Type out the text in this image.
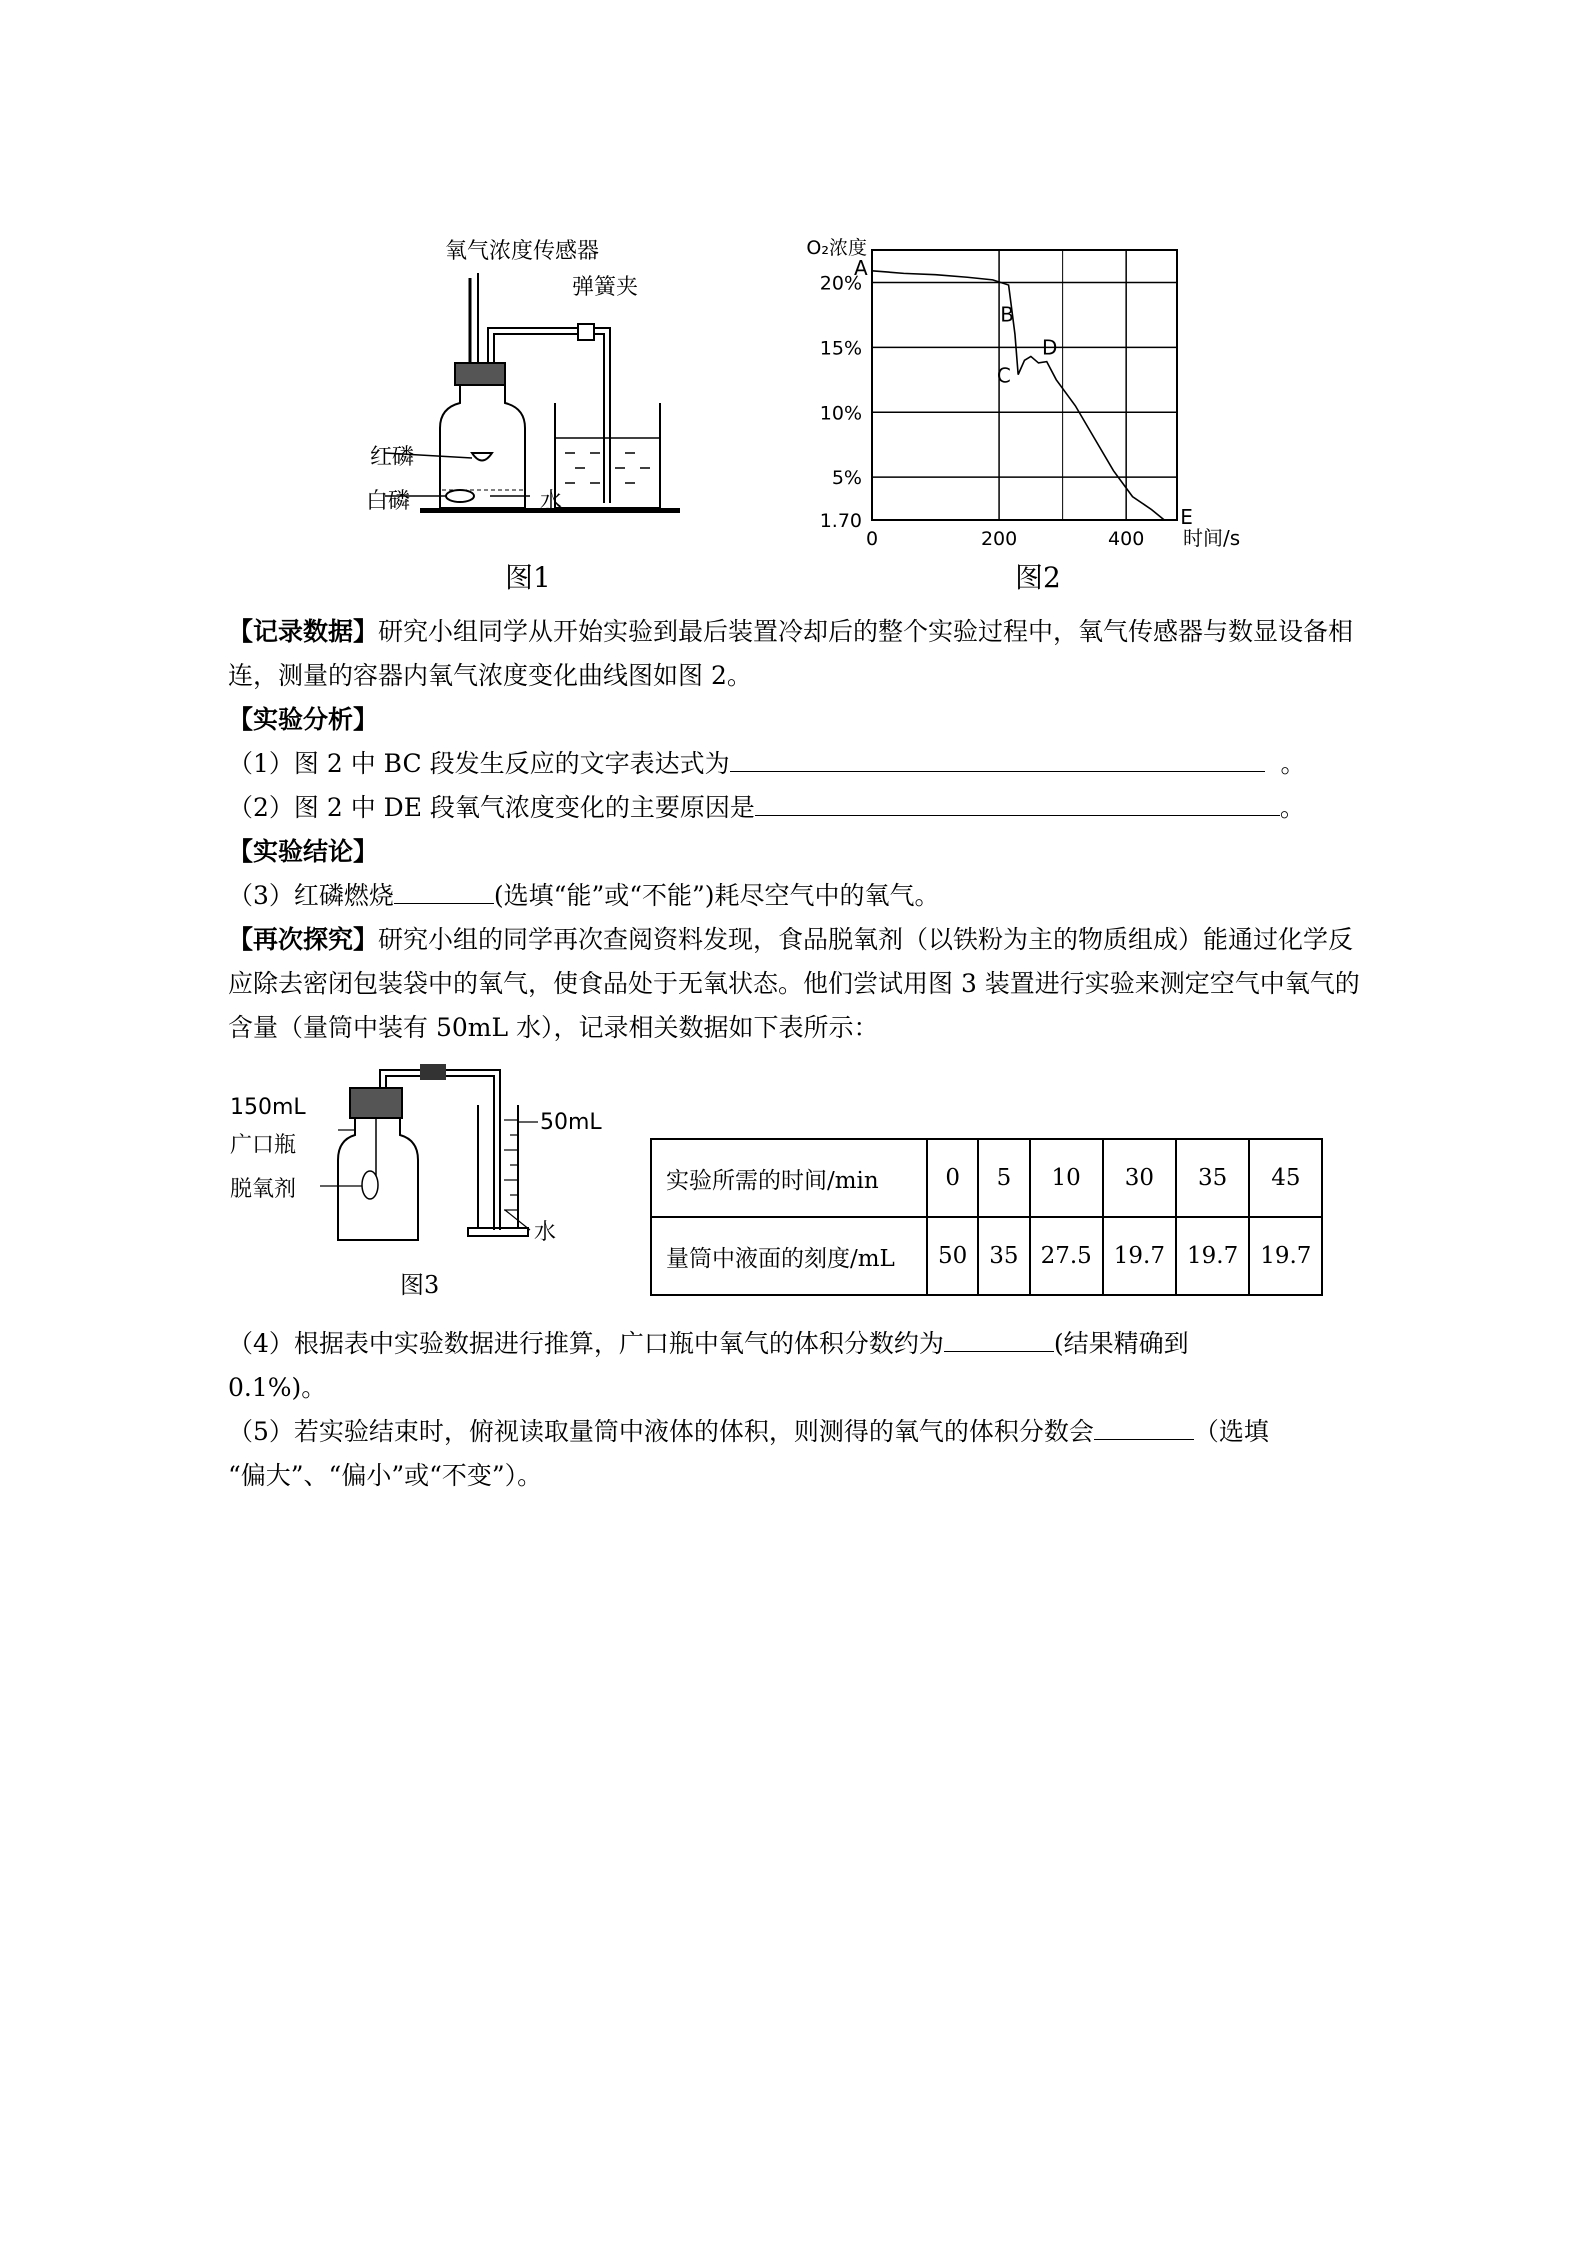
氧气浓度传感器
弹簧夹
红磷
白磷	水
图1
1.70
5%
10%
15%
20%
0	200	400
O₂浓度
时间/s
A
B
C
D
E
图2
【记录数据】研究小组同学从开始实验到最后装置冷却后的整个实验过程中，氧气传感器与数显设备相连，测量的容器内氧气浓度变化曲线图如图 2。
【实验分析】
（1）图 2 中 BC 段发生反应的文字表达式为	。
（2）图 2 中 DE 段氧气浓度变化的主要原因是	。
【实验结论】
（3）红磷燃烧	(选填“能”或“不能”)耗尽空气中的氧气。
【再次探究】研究小组的同学再次查阅资料发现，食品脱氧剂（以铁粉为主的物质组成）能通过化学反应除去密闭包装袋中的氧气，使食品处于无氧状态。他们尝试用图 3 装置进行实验来测定空气中氧气的含量（量筒中装有 50mL 水），记录相关数据如下表所示：
150mL
广口瓶
脱氧剂
50mL
水
图3
实验所需的时间/min	0	5	10	30	35	45
量筒中液面的刻度/mL	50	35	27.5	19.7	19.7	19.7
（4）根据表中实验数据进行推算，广口瓶中氧气的体积分数约为	(结果精确到
0.1%)。
（5）若实验结束时，俯视读取量筒中液体的体积，则测得的氧气的体积分数会	（选填
“偏大”、“偏小”或“不变”）。
